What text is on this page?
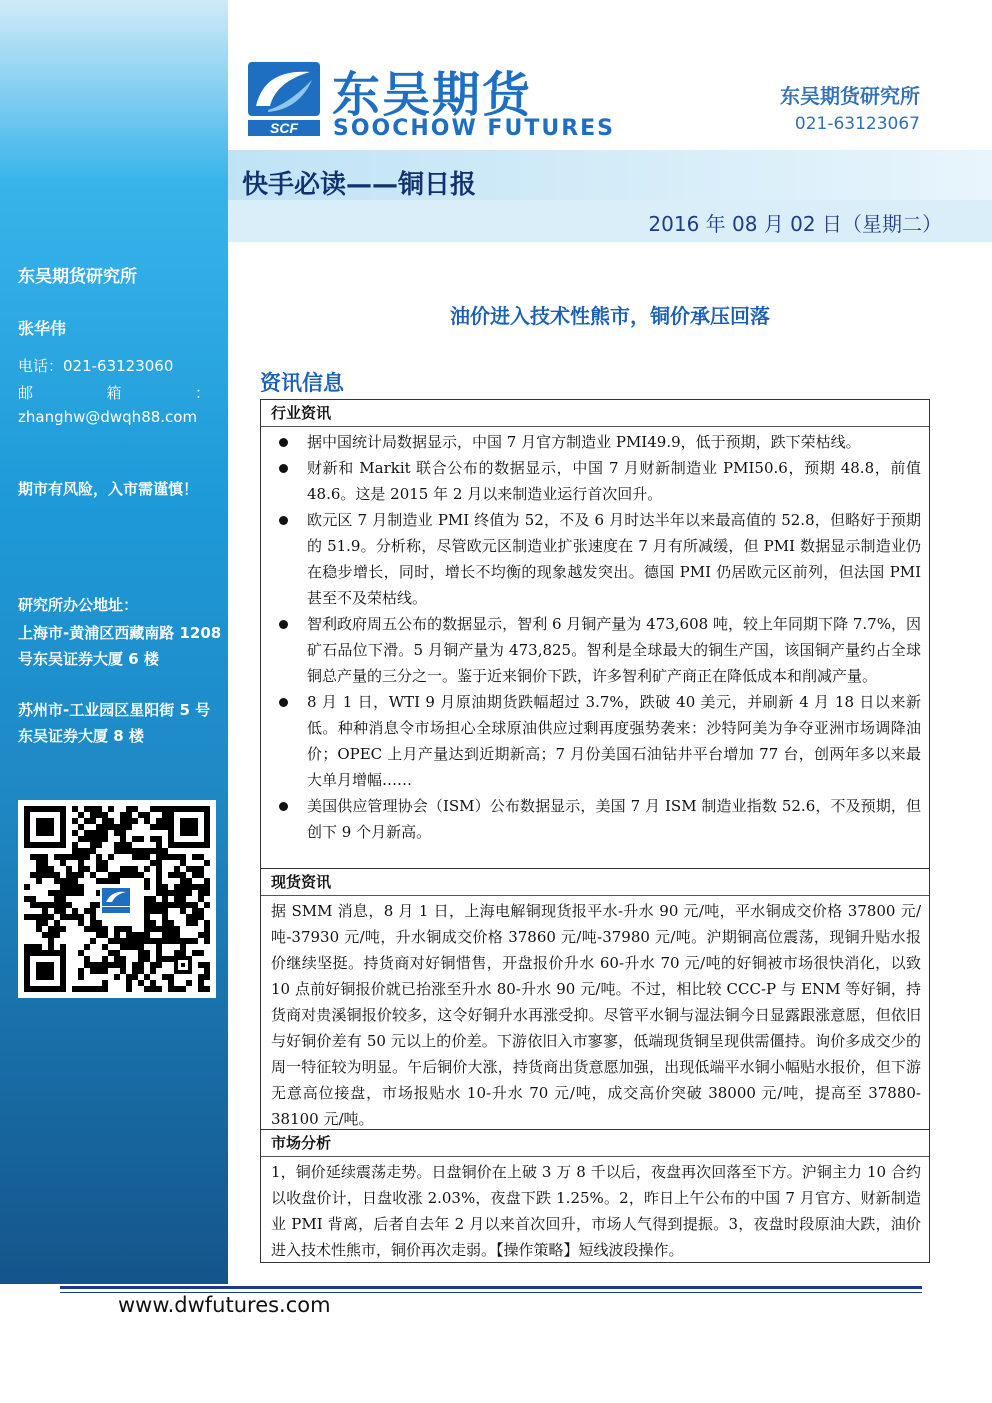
东吴期货研究所
张华伟
电话：021-63123060
邮	箱	：
zhanghw@dwqh88.com
期市有风险，入市需谨慎！
研究所办公地址：
上海市-黄浦区西藏南路 1208 号东吴证券大厦 6 楼
苏州市-工业园区星阳街 5 号东吴证券大厦 8 楼
SCF
东吴期货
SOOCHOW FUTURES
东吴期货研究所
021-63123067
快手必读——铜日报
2016 年 08 月 02 日（星期二）
油价进入技术性熊市，铜价承压回落
资讯信息
行业资讯
据中国统计局数据显示，中国 7 月官方制造业 PMI49.9，低于预期，跌下荣枯线。
财新和 Markit 联合公布的数据显示，中国 7 月财新制造业 PMI50.6，预期 48.8，前值 48.6。这是 2015 年 2 月以来制造业运行首次回升。
欧元区 7 月制造业 PMI 终值为 52，不及 6 月时达半年以来最高值的 52.8，但略好于预期的 51.9。分析称，尽管欧元区制造业扩张速度在 7 月有所减缓，但 PMI 数据显示制造业仍在稳步增长，同时，增长不均衡的现象越发突出。德国 PMI 仍居欧元区前列，但法国 PMI 甚至不及荣枯线。
智利政府周五公布的数据显示，智利 6 月铜产量为 473,608 吨，较上年同期下降 7.7%，因矿石品位下滑。5 月铜产量为 473,825。智利是全球最大的铜生产国，该国铜产量约占全球铜总产量的三分之一。鉴于近来铜价下跌，许多智利矿产商正在降低成本和削减产量。
8 月 1 日，WTI 9 月原油期货跌幅超过 3.7%，跌破 40 美元，并刷新 4 月 18 日以来新低。种种消息令市场担心全球原油供应过剩再度强势袭来：沙特阿美为争夺亚洲市场调降油价；OPEC 上月产量达到近期新高；7 月份美国石油钻井平台增加 77 台，创两年多以来最大单月增幅……
美国供应管理协会（ISM）公布数据显示，美国 7 月 ISM 制造业指数 52.6，不及预期，但创下 9 个月新高。
现货资讯
据 SMM 消息，8 月 1 日，上海电解铜现货报平水-升水 90 元/吨，平水铜成交价格 37800 元/吨-37930 元/吨，升水铜成交价格 37860 元/吨-37980 元/吨。沪期铜高位震荡，现铜升贴水报价继续坚挺。持货商对好铜惜售，开盘报价升水 60-升水 70 元/吨的好铜被市场很快消化，以致 10 点前好铜报价就已抬涨至升水 80-升水 90 元/吨。不过，相比较 CCC-P 与 ENM 等好铜，持货商对贵溪铜报价较多，这令好铜升水再涨受抑。尽管平水铜与湿法铜今日显露跟涨意愿，但依旧与好铜价差有 50 元以上的价差。下游依旧入市寥寥，低端现货铜呈现供需僵持。询价多成交少的周一特征较为明显。午后铜价大涨，持货商出货意愿加强，出现低端平水铜小幅贴水报价，但下游无意高位接盘，市场报贴水 10-升水 70 元/吨，成交高价突破 38000 元/吨，提高至 37880-38100 元/吨。
市场分析
1，铜价延续震荡走势。日盘铜价在上破 3 万 8 千以后，夜盘再次回落至下方。沪铜主力 10 合约以收盘价计，日盘收涨 2.03%，夜盘下跌 1.25%。2，昨日上午公布的中国 7 月官方、财新制造业 PMI 背离，后者自去年 2 月以来首次回升，市场人气得到提振。3，夜盘时段原油大跌，油价进入技术性熊市，铜价再次走弱。【操作策略】短线波段操作。
www.dwfutures.com
